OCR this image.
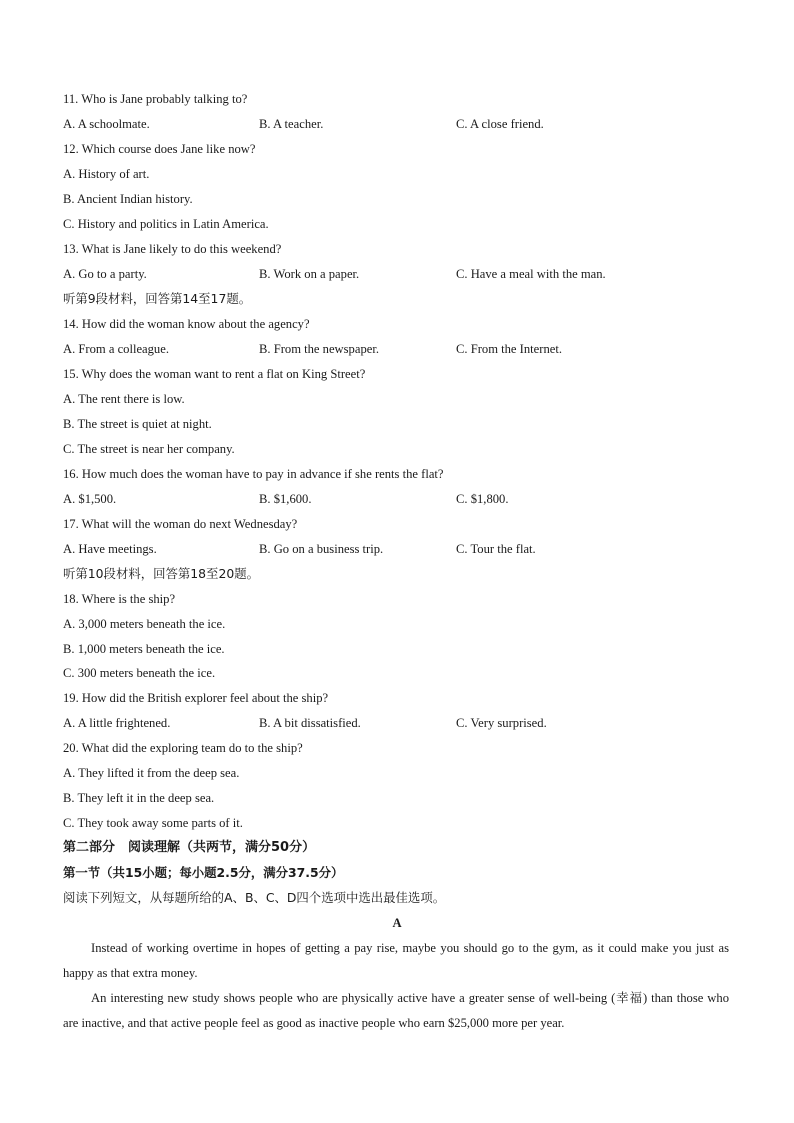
11. Who is Jane probably talking to?
A. A schoolmate.	B. A teacher.	C. A close friend.
12. Which course does Jane like now?
A. History of art.
B. Ancient Indian history.
C. History and politics in Latin America.
13. What is Jane likely to do this weekend?
A. Go to a party.	B. Work on a paper.	C. Have a meal with the man.
听第9段材料，回答第14至17题。
14. How did the woman know about the agency?
A. From a colleague.	B. From the newspaper.	C. From the Internet.
15. Why does the woman want to rent a flat on King Street?
A. The rent there is low.
B. The street is quiet at night.
C. The street is near her company.
16. How much does the woman have to pay in advance if she rents the flat?
A. $1,500.	B. $1,600.	C. $1,800.
17. What will the woman do next Wednesday?
A. Have meetings.	B. Go on a business trip.	C. Tour the flat.
听第10段材料，回答第18至20题。
18. Where is the ship?
A. 3,000 meters beneath the ice.
B. 1,000 meters beneath the ice.
C. 300 meters beneath the ice.
19. How did the British explorer feel about the ship?
A. A little frightened.	B. A bit dissatisfied.	C. Very surprised.
20. What did the exploring team do to the ship?
A. They lifted it from the deep sea.
B. They left it in the deep sea.
C. They took away some parts of it.
第二部分　阅读理解（共两节，满分50分）
第一节（共15小题；每小题2.5分，满分37.5分）
阅读下列短文，从每题所给的A、B、C、D四个选项中选出最佳选项。
A
Instead of working overtime in hopes of getting a pay rise, maybe you should go to the gym, as it could make you just as happy as that extra money.
An interesting new study shows people who are physically active have a greater sense of well-being (幸福) than those who are inactive, and that active people feel as good as inactive people who earn $25,000 more per year.
